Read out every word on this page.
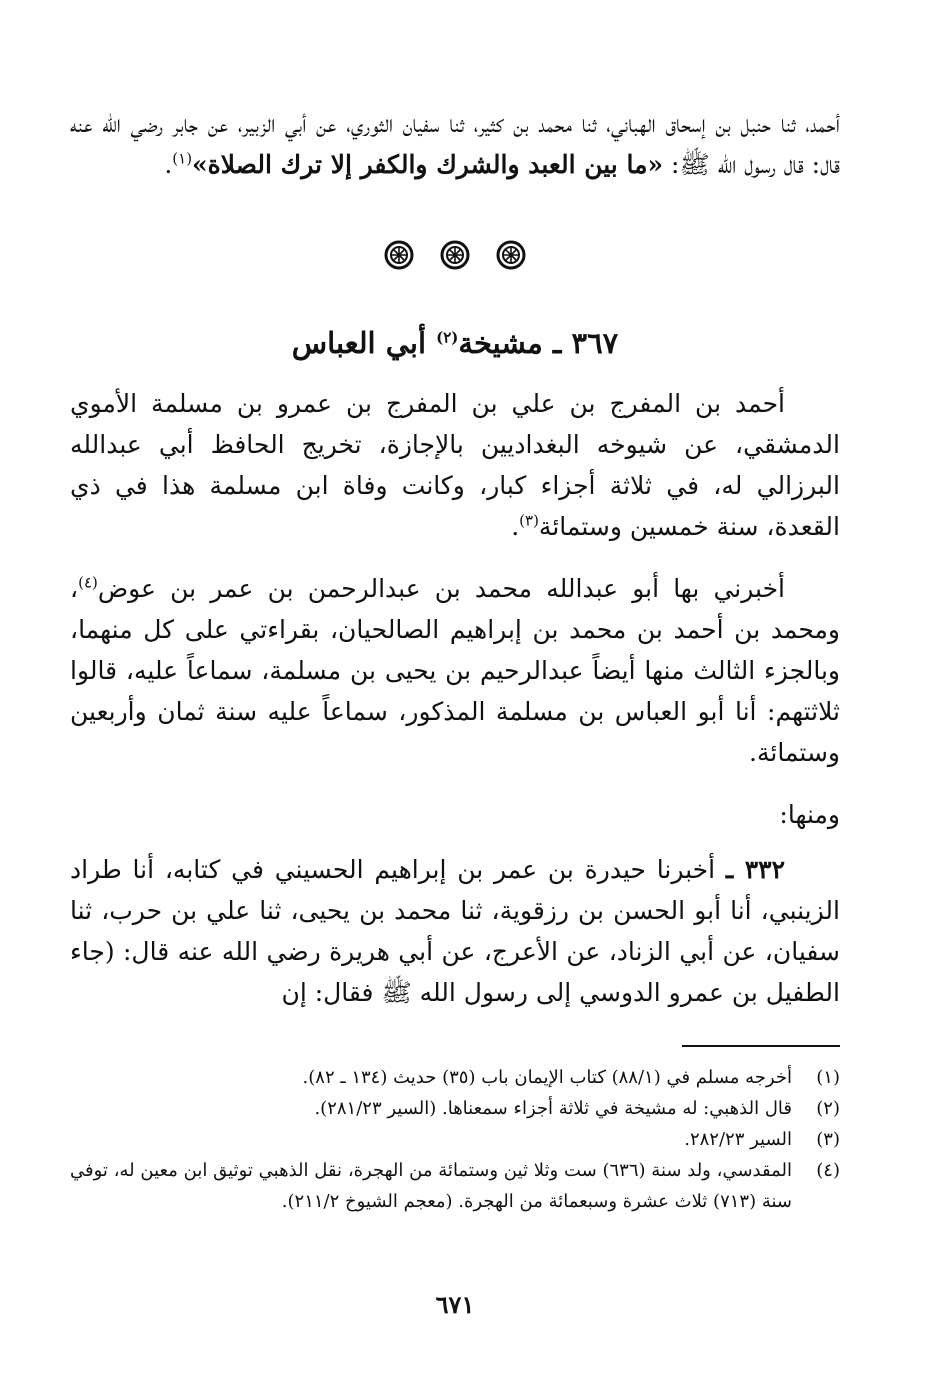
أحمد، ثنا حنبل بن إسحاق الهباني، ثنا محمد بن كثير، ثنا سفيان الثوري، عن أبي الزبير، عن جابر رضي الله عنه قال: قال رسول الله ﷺ: «ما بين العبد والشرك والكفر إلا ترك الصلاة»$^{(١)}$.

٣٦٧ ـ مشيخة$^{(٢)}$ أبي العباس

أحمد بن المفرج بن علي بن المفرج بن عمرو بن مسلمة الأموي الدمشقي، عن شيوخه البغداديين بالإجازة، تخريج الحافظ أبي عبدالله البرزالي له، في ثلاثة أجزاء كبار، وكانت وفاة ابن مسلمة هذا في ذي القعدة، سنة خمسين وستمائة$^{(٣)}$.

أخبرني بها أبو عبدالله محمد بن عبدالرحمن بن عمر بن عوض$^{(٤)}$، ومحمد بن أحمد بن محمد بن إبراهيم الصالحيان، بقراءتي على كل منهما، وبالجزء الثالث منها أيضاً عبدالرحيم بن يحيى بن مسلمة، سماعاً عليه، قالوا ثلاثتهم: أنا أبو العباس بن مسلمة المذكور، سماعاً عليه سنة ثمان وأربعين وستمائة.

ومنها:

٣٣٢ ـ أخبرنا حيدرة بن عمر بن إبراهيم الحسيني في كتابه، أنا طراد الزينبي، أنا أبو الحسن بن رزقوية، ثنا محمد بن يحيى، ثنا علي بن حرب، ثنا سفيان، عن أبي الزناد، عن الأعرج، عن أبي هريرة رضي الله عنه قال: (جاء الطفيل بن عمرو الدوسي إلى رسول الله ﷺ فقال: إن

(١)
أخرجه مسلم في (٨٨/١) كتاب الإيمان باب (٣٥) حديث (١٣٤ ـ ٨٢).
(٢)
قال الذهبي: له مشيخة في ثلاثة أجزاء سمعناها. (السير ٢٨١/٢٣).
(٣)
السير ٢٨٢/٢٣.
(٤)
المقدسي، ولد سنة (٦٣٦) ست وثلا ثين وستمائة من الهجرة، نقل الذهبي توثيق ابن معين له، توفي سنة (٧١٣) ثلاث عشرة وسبعمائة من الهجرة. (معجم الشيوخ ٢١١/٢).
٦٧١
